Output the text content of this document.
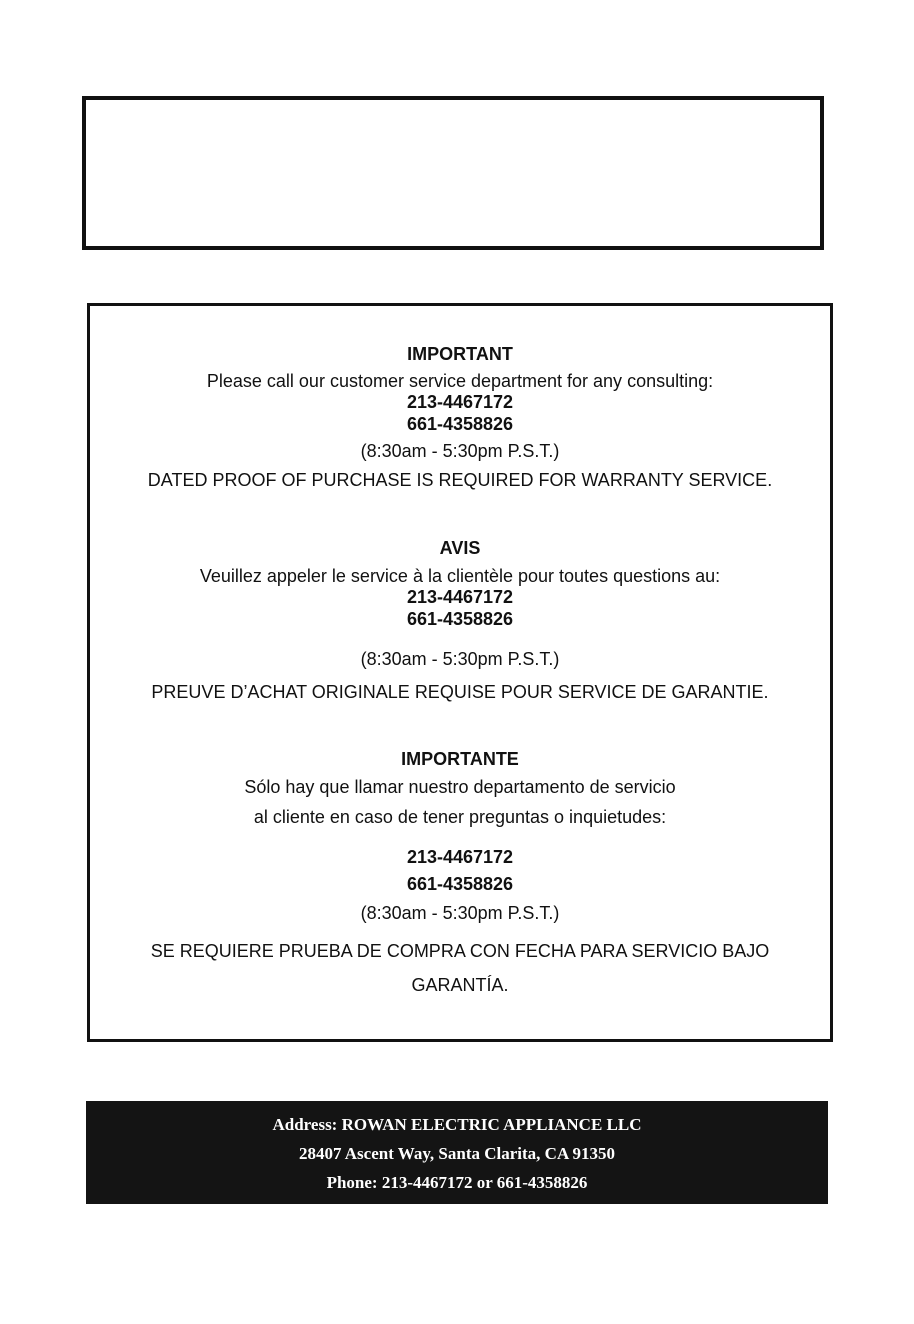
IMPORTANT
Please call our customer service department for any consulting:
213-4467172
661-4358826
(8:30am - 5:30pm P.S.T.)
DATED PROOF OF PURCHASE IS REQUIRED FOR WARRANTY SERVICE.
AVIS
Veuillez appeler le service à la clientèle pour toutes questions au:
213-4467172
661-4358826
(8:30am - 5:30pm P.S.T.)
PREUVE D’ACHAT ORIGINALE REQUISE POUR SERVICE DE GARANTIE.
IMPORTANTE
Sólo hay que llamar nuestro departamento de servicio
al cliente en caso de tener preguntas o inquietudes:
213-4467172
661-4358826
(8:30am - 5:30pm P.S.T.)
SE REQUIERE PRUEBA DE COMPRA CON FECHA PARA SERVICIO BAJO
GARANTÍA.
Address: ROWAN ELECTRIC APPLIANCE LLC
28407 Ascent Way, Santa Clarita, CA 91350
Phone: 213-4467172 or 661-4358826
